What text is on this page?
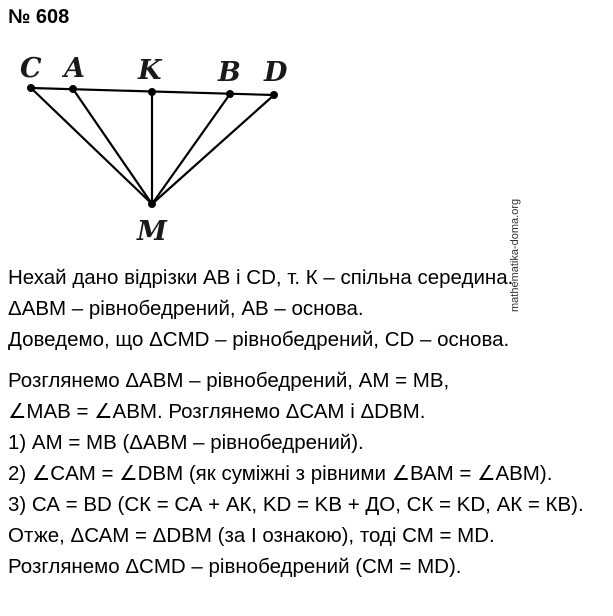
№ 608
C A K B D
M	mathematika-doma.org
Нехай дано відрізки АВ і CD, т. К – спільна середина.
ΔАВМ – рівнобедрений, АВ – основа.
Доведемо, що ΔCMD – рівнобедрений, CD – основа.
Розглянемо ΔАВМ – рівнобедрений, АМ = МВ,
∠МАВ = ∠АВМ. Розглянемо ΔСАМ і ΔDBM.
1) АМ = МВ (ΔАВМ – рівнобедрений).
2) ∠CAM = ∠DBM (як суміжні з рівними ∠ВАМ = ∠АВМ).
3) СА = BD (СК = СА + АК, KD = KB + ДО, СК = KD, АК = КВ).
Отже, ΔСАМ = ΔDBM (за І ознакою), тоді СМ = MD.
Розглянемо ΔCMD – рівнобедрений (СМ = MD).
